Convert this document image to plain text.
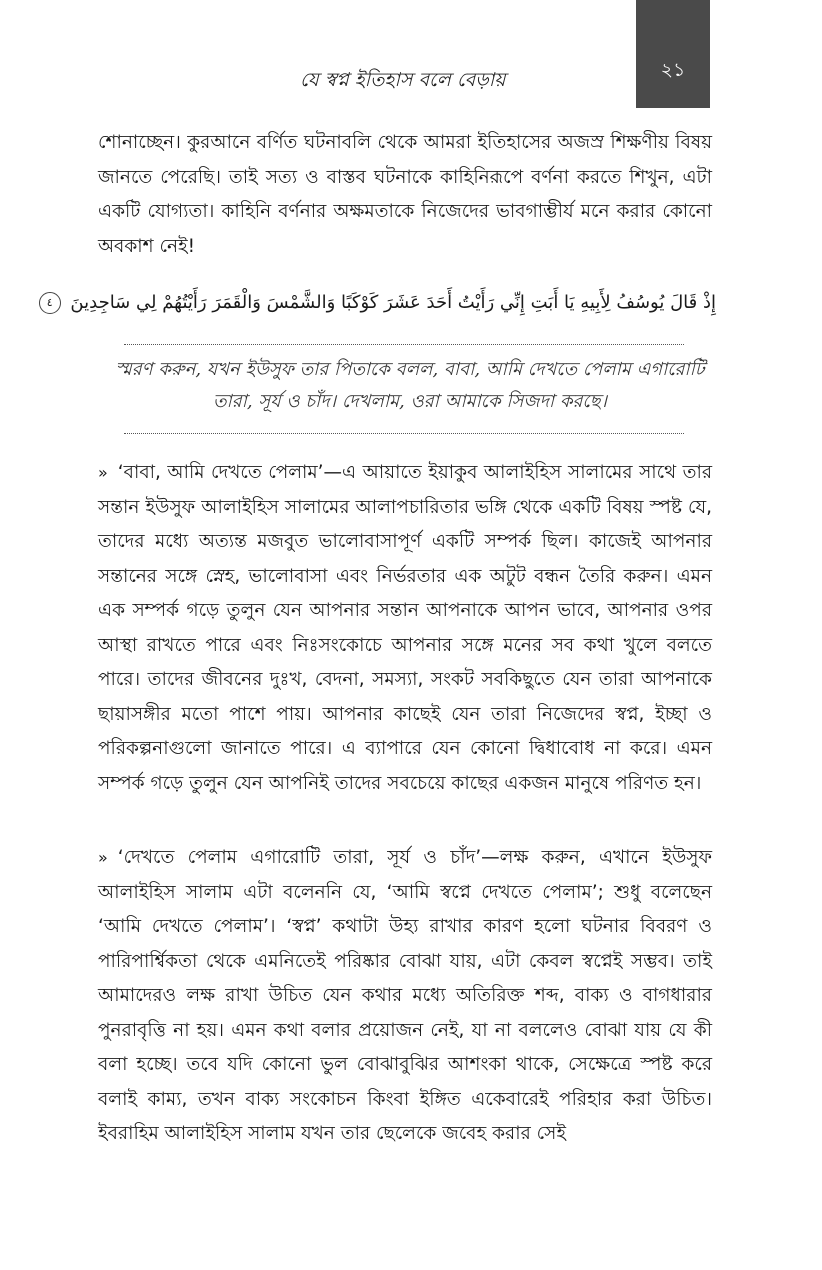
যে স্বপ্ন ইতিহাস বলে বেড়ায়	২১

শোনাচ্ছেন। কুরআনে বর্ণিত ঘটনাবলি থেকে আমরা ইতিহাসের অজস্র শিক্ষণীয় বিষয় জানতে পেরেছি। তাই সত্য ও বাস্তব ঘটনাকে কাহিনিরূপে বর্ণনা করতে শিখুন, এটা একটি যোগ্যতা। কাহিনি বর্ণনার অক্ষমতাকে নিজেদের ভাবগাম্ভীর্য মনে করার কোনো অবকাশ নেই!

إِذْ قَالَ يُوسُفُ لِأَبِيهِ يَا أَبَتِ إِنِّي رَأَيْتُ أَحَدَ عَشَرَ كَوْكَبًا وَالشَّمْسَ وَالْقَمَرَ رَأَيْتُهُمْ لِي سَاجِدِينَ ٤
স্মরণ করুন, যখন ইউসুফ তার পিতাকে বলল, বাবা, আমি দেখতে পেলাম এগারোটি তারা, সূর্য ও চাঁদ। দেখলাম, ওরা আমাকে সিজদা করছে।

» ‘বাবা, আমি দেখতে পেলাম’—এ আয়াতে ইয়াকুব আলাইহিস সালামের সাথে তার সন্তান ইউসুফ আলাইহিস সালামের আলাপচারিতার ভঙ্গি থেকে একটি বিষয় স্পষ্ট যে, তাদের মধ্যে অত্যন্ত মজবুত ভালোবাসাপূর্ণ একটি সম্পর্ক ছিল। কাজেই আপনার সন্তানের সঙ্গে স্নেহ, ভালোবাসা এবং নির্ভরতার এক অটুট বন্ধন তৈরি করুন। এমন এক সম্পর্ক গড়ে তুলুন যেন আপনার সন্তান আপনাকে আপন ভাবে, আপনার ওপর আস্থা রাখতে পারে এবং নিঃসংকোচে আপনার সঙ্গে মনের সব কথা খুলে বলতে পারে। তাদের জীবনের দুঃখ, বেদনা, সমস্যা, সংকট সবকিছুতে যেন তারা আপনাকে ছায়াসঙ্গীর মতো পাশে পায়। আপনার কাছেই যেন তারা নিজেদের স্বপ্ন, ইচ্ছা ও পরিকল্পনাগুলো জানাতে পারে। এ ব্যাপারে যেন কোনো দ্বিধাবোধ না করে। এমন সম্পর্ক গড়ে তুলুন যেন আপনিই তাদের সবচেয়ে কাছের একজন মানুষে পরিণত হন।

» ‘দেখতে পেলাম এগারোটি তারা, সূর্য ও চাঁদ’—লক্ষ করুন, এখানে ইউসুফ আলাইহিস সালাম এটা বলেননি যে, ‘আমি স্বপ্নে দেখতে পেলাম’; শুধু বলেছেন ‘আমি দেখতে পেলাম’। ‘স্বপ্ন’ কথাটা উহ্য রাখার কারণ হলো ঘটনার বিবরণ ও পারিপার্শ্বিকতা থেকে এমনিতেই পরিষ্কার বোঝা যায়, এটা কেবল স্বপ্নেই সম্ভব। তাই আমাদেরও লক্ষ রাখা উচিত যেন কথার মধ্যে অতিরিক্ত শব্দ, বাক্য ও বাগধারার পুনরাবৃত্তি না হয়। এমন কথা বলার প্রয়োজন নেই, যা না বললেও বোঝা যায় যে কী বলা হচ্ছে। তবে যদি কোনো ভুল বোঝাবুঝির আশংকা থাকে, সেক্ষেত্রে স্পষ্ট করে বলাই কাম্য, তখন বাক্য সংকোচন কিংবা ইঙ্গিত একেবারেই পরিহার করা উচিত। ইবরাহিম আলাইহিস সালাম যখন তার ছেলেকে জবেহ করার সেই
